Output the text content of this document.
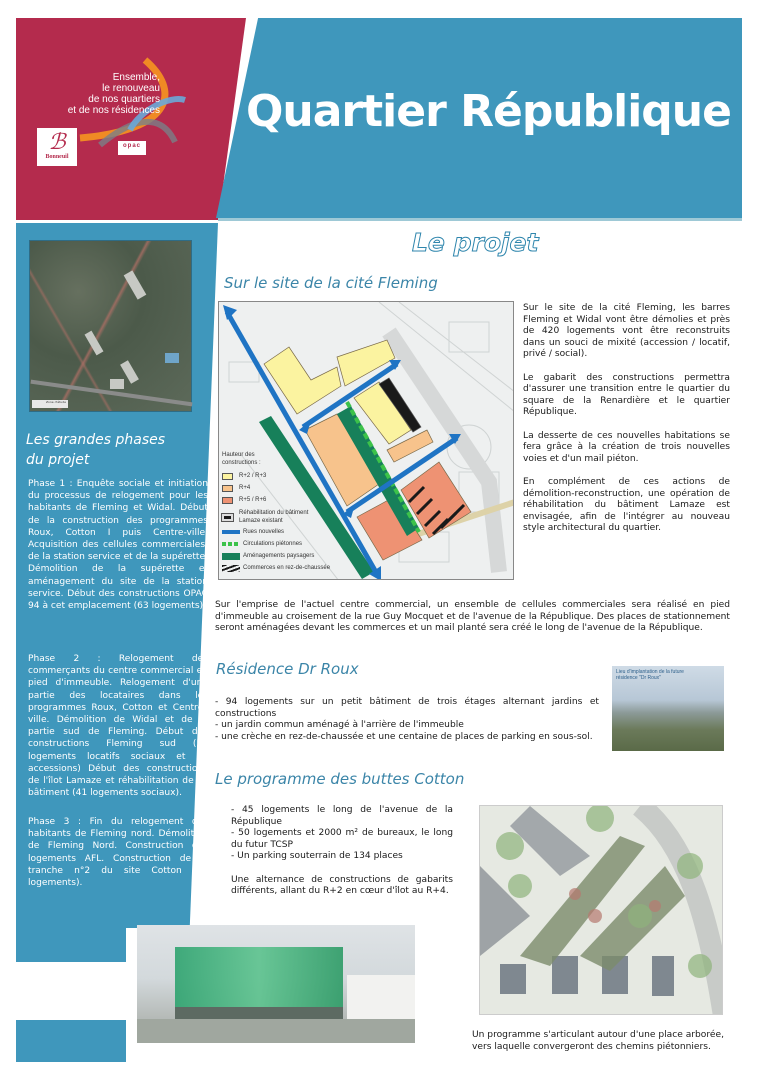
Ensemble,
le renouveau
de nos quartiers
et de nos résidences
ℬ
Bonneuil
opac
Quartier République
Zone d'étude
Les grandes phases
du projet
Phase 1 : Enquête sociale et initiation du processus de relogement pour les habitants de Fleming et Widal. Début de la construction des programmes Roux, Cotton I puis Centre-ville. Acquisition des cellules commerciales, de la station service et de la supérette. Démolition de la supérette et aménagement du site de la station service. Début des constructions OPAC 94 à cet emplacement (63 logements).
Phase 2 : Relogement des commerçants du centre commercial en pied d'immeuble. Relogement d'une partie des locataires dans les programmes Roux, Cotton et Centre?ville. Démolition de Widal et de la partie sud de Fleming. Début des constructions Fleming sud (52 logements locatifs sociaux et 37 accessions) Début des constructions de l'îlot Lamaze et réhabilitation de ce bâtiment (41 logements sociaux).
Phase 3 : Fin du relogement des habitants de Fleming nord. Démolition de Fleming Nord. Construction des logements AFL. Construction de la tranche n°2 du site Cotton (50 logements).
Le projet
Sur le site de la cité Fleming
Hauteur des constructions :
R+2 / R+3
R+4
R+5 / R+6
Réhabilitation du bâtiment Lamaze existant
Rues nouvelles
Circulations piétonnes
Aménagements paysagers
Commerces en rez-de-chaussée

Sur le site de la cité Fleming, les barres Fleming et Widal vont être démolies et près de 420 logements vont être reconstruits dans un souci de mixité (accession / locatif, privé / social).

Le gabarit des constructions permettra d'assurer une transition entre le quartier du square de la Renardière et le quartier République.

La desserte de ces nouvelles habitations se fera grâce à la création de trois nouvelles voies et d'un mail piéton.

En complément de ces actions de démolition-reconstruction, une opération de réhabilitation du bâtiment Lamaze est envisagée, afin de l'intégrer au nouveau style architectural du quartier.

Sur l'emprise de l'actuel centre commercial, un ensemble de cellules commerciales sera réalisé en pied d'immeuble au croisement de la rue Guy Mocquet et de l'avenue de la République. Des places de stationnement seront aménagées devant les commerces et un mail planté sera créé le long de l'avenue de la République.
Résidence Dr Roux
- 94 logements sur un petit bâtiment de trois étages alternant jardins et constructions
- un jardin commun aménagé à l'arrière de l'immeuble
- une crèche en rez-de-chaussée et une centaine de places de parking en sous-sol.
Lieu d'implantation de la future résidence "Dr Roux"
Le programme des buttes Cotton
- 45 logements le long de l'avenue de la République
- 50 logements et 2000 m² de bureaux, le long du futur TCSP
- Un parking souterrain de 134 places
Une alternance de constructions de gabarits différents, allant du R+2 en cœur d'îlot au R+4.
Un programme s'articulant autour d'une place arborée, vers laquelle convergeront des chemins piétonniers.
